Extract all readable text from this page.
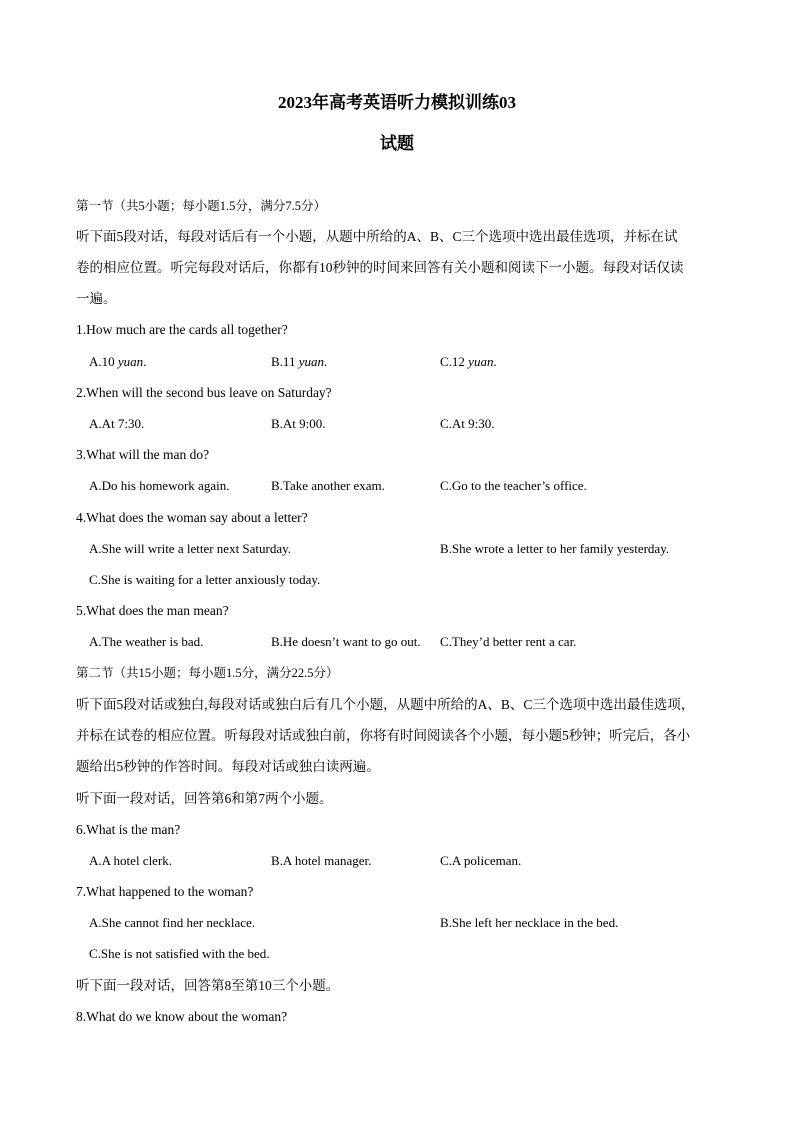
2023年高考英语听力模拟训练03
试题
第一节（共5小题；每小题1.5分，满分7.5分）
听下面5段对话，每段对话后有一个小题，从题中所给的A、B、C三个选项中选出最佳选项，并标在试
卷的相应位置。听完每段对话后，你都有10秒钟的时间来回答有关小题和阅读下一小题。每段对话仅读
一遍。
1.How much are the cards all together?
A.10 yuan.	B.11 yuan.	C.12 yuan.
2.When will the second bus leave on Saturday?
A.At 7:30.	B.At 9:00.	C.At 9:30.
3.What will the man do?
A.Do his homework again.	B.Take another exam.	C.Go to the teacher’s office.
4.What does the woman say about a letter?
A.She will write a letter next Saturday.	B.She wrote a letter to her family yesterday.
C.She is waiting for a letter anxiously today.
5.What does the man mean?
A.The weather is bad.	B.He doesn’t want to go out. C.They’d better rent a car.
第二节（共15小题；每小题1.5分，满分22.5分）
听下面5段对话或独白,每段对话或独白后有几个小题，从题中所给的A、B、C三个选项中选出最佳选项，
并标在试卷的相应位置。听每段对话或独白前，你将有时间阅读各个小题，每小题5秒钟；听完后，各小
题给出5秒钟的作答时间。每段对话或独白读两遍。
听下面一段对话，回答第6和第7两个小题。
6.What is the man?
A.A hotel clerk.	B.A hotel manager.	C.A policeman.
7.What happened to the woman?
A.She cannot find her necklace.	B.She left her necklace in the bed.
C.She is not satisfied with the bed.
听下面一段对话，回答第8至第10三个小题。
8.What do we know about the woman?
